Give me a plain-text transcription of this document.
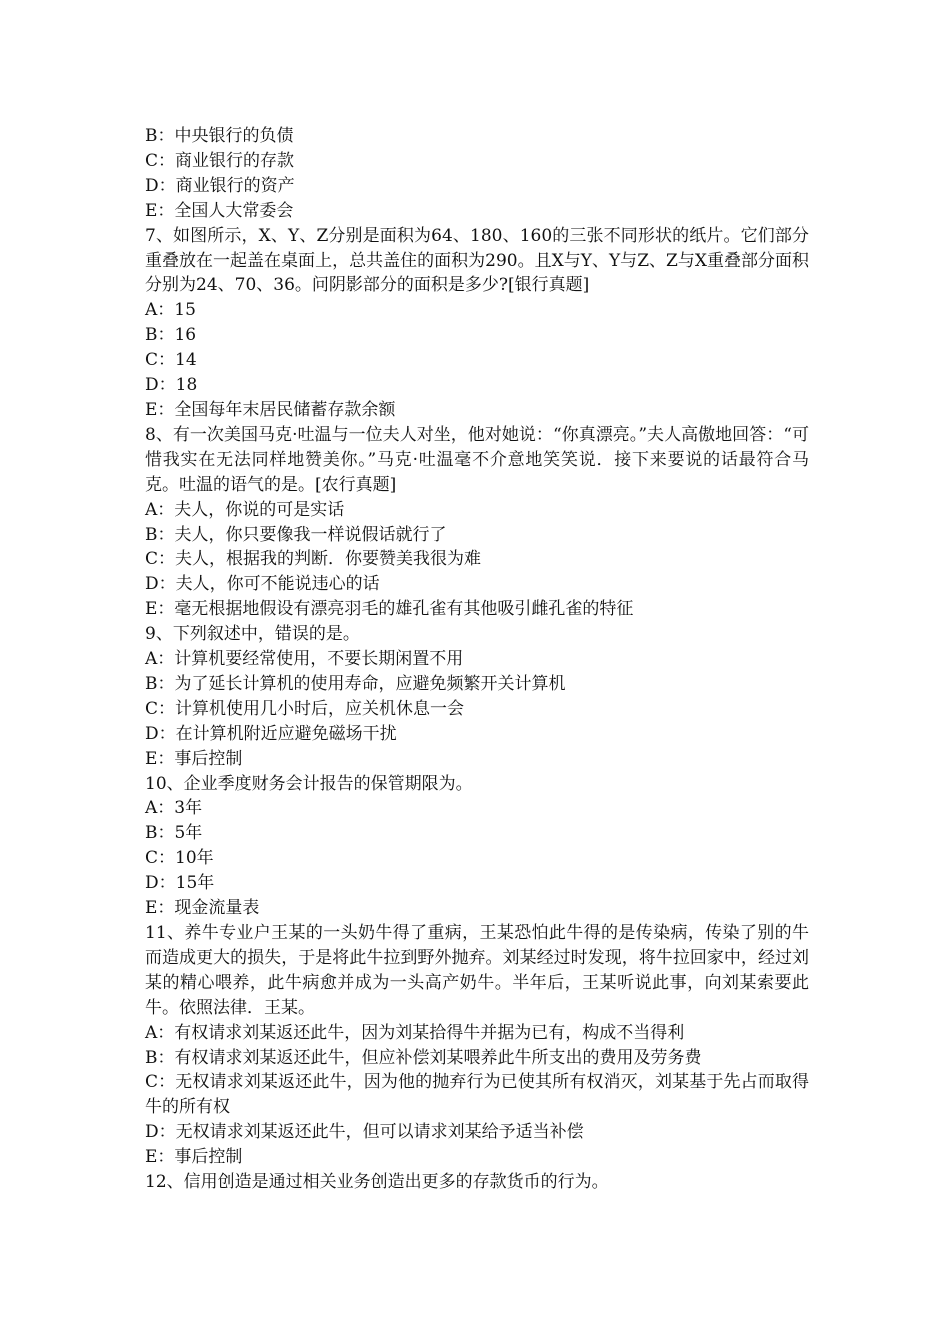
B：中央银行的负债

C：商业银行的存款

D：商业银行的资产

E：全国人大常委会

7、如图所示，X、Y、Z分别是面积为64、180、160的三张不同形状的纸片。它们部分重叠放在一起盖在桌面上，总共盖住的面积为290。且X与Y、Y与Z、Z与X重叠部分面积分别为24、70、36。问阴影部分的面积是多少?[银行真题]

A：15

B：16

C：14

D：18

E：全国每年末居民储蓄存款余额

8、有一次美国马克·吐温与一位夫人对坐，他对她说：“你真漂亮。”夫人高傲地回答：“可惜我实在无法同样地赞美你。”马克·吐温毫不介意地笑笑说．接下来要说的话最符合马克。吐温的语气的是。[农行真题]

A：夫人，你说的可是实话

B：夫人，你只要像我一样说假话就行了

C：夫人，根据我的判断．你要赞美我很为难

D：夫人，你可不能说违心的话

E：毫无根据地假设有漂亮羽毛的雄孔雀有其他吸引雌孔雀的特征

9、下列叙述中，错误的是。

A：计算机要经常使用，不要长期闲置不用

B：为了延长计算机的使用寿命，应避免频繁开关计算机

C：计算机使用几小时后，应关机休息一会

D：在计算机附近应避免磁场干扰

E：事后控制

10、企业季度财务会计报告的保管期限为。

A：3年

B：5年

C：10年

D：15年

E：现金流量表

11、养牛专业户王某的一头奶牛得了重病，王某恐怕此牛得的是传染病，传染了别的牛而造成更大的损失，于是将此牛拉到野外抛弃。刘某经过时发现，将牛拉回家中，经过刘某的精心喂养，此牛病愈并成为一头高产奶牛。半年后，王某听说此事，向刘某索要此牛。依照法律．王某。

A：有权请求刘某返还此牛，因为刘某拾得牛并据为已有，构成不当得利

B：有权请求刘某返还此牛，但应补偿刘某喂养此牛所支出的费用及劳务费

C：无权请求刘某返还此牛，因为他的抛弃行为已使其所有权消灭，刘某基于先占而取得牛的所有权

D：无权请求刘某返还此牛，但可以请求刘某给予适当补偿

E：事后控制

12、信用创造是通过相关业务创造出更多的存款货币的行为。
